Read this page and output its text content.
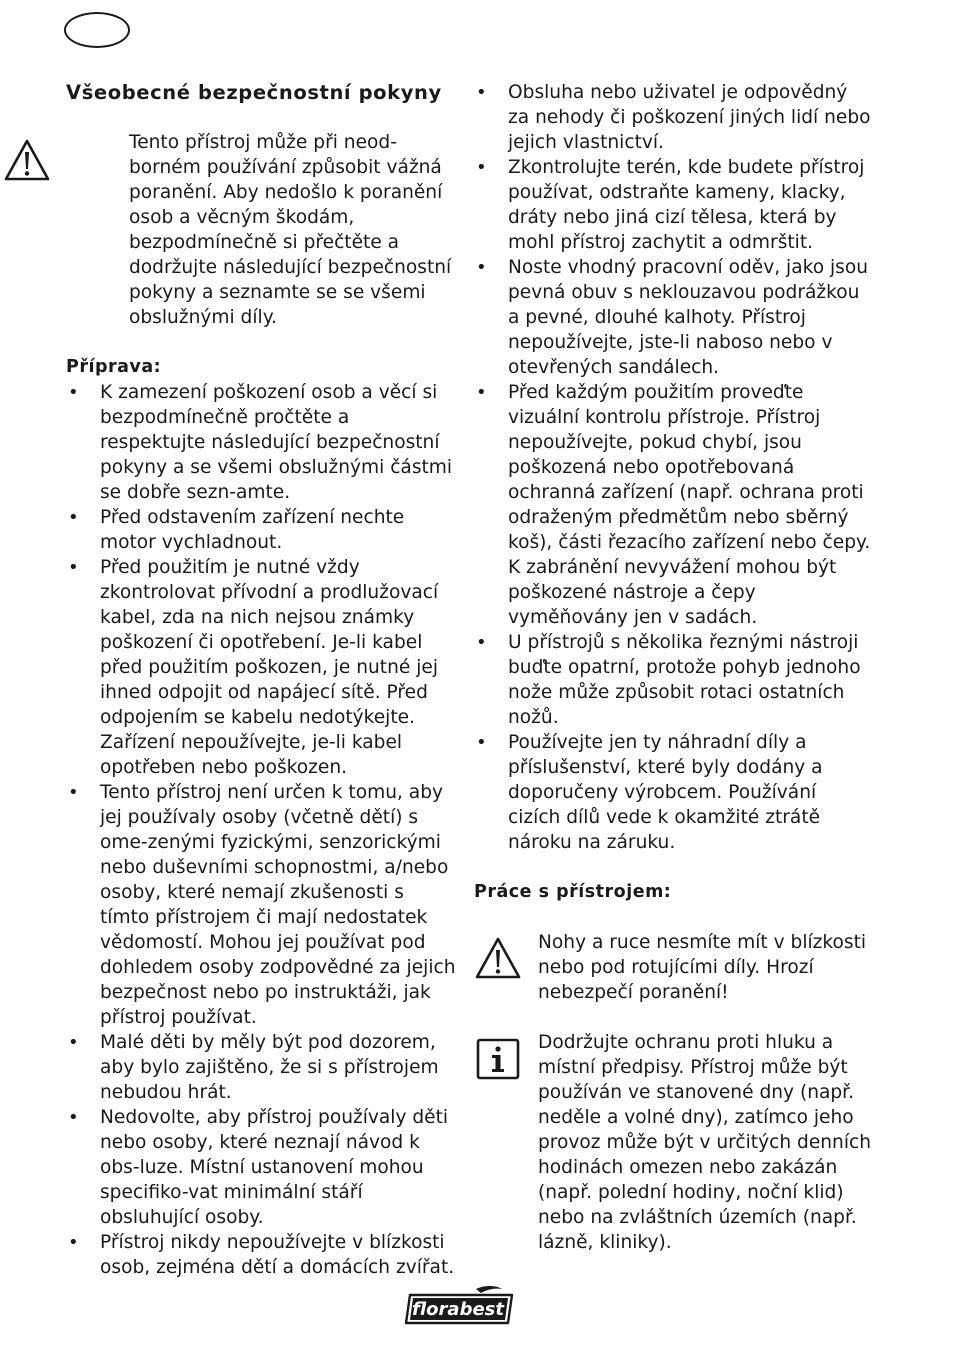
Všeobecné bezpečnostní pokyny

Tento přístroj může při neod-borném používání způsobit vážná poranění. Aby nedošlo k poranění osob a věcným škodám, bezpodmínečně si přečtěte a dodržujte následující bezpečnostní pokyny a seznamte se se všemi obslužnými díly.

Příprava:

• K zamezení poškození osob a věcí si bezpodmínečně pročtěte a respektujte následující bezpečnostní pokyny a se všemi obslužnými částmi se dobře sezn-amte.
• Před odstavením zařízení nechte motor vychladnout.
• Před použitím je nutné vždy zkontrolovat přívodní a prodlužovací kabel, zda na nich nejsou známky poškození či opotřebení. Je-li kabel před použitím poškozen, je nutné jej ihned odpojit od napájecí sítě. Před odpojením se kabelu nedotýkejte. Zařízení nepoužívejte, je-li kabel opotřeben nebo poškozen.
• Tento přístroj není určen k tomu, aby jej používaly osoby (včetně dětí) s ome-zenými fyzickými, senzorickými nebo duševními schopnostmi, a/nebo osoby, které nemají zkušenosti s tímto přístrojem či mají nedostatek vědomostí. Mohou jej používat pod dohledem osoby zodpovědné za jejich bezpečnost nebo po instruktáži, jak přístroj používat.
• Malé děti by měly být pod dozorem, aby bylo zajištěno, že si s přístrojem nebudou hrát.
• Nedovolte, aby přístroj používaly děti nebo osoby, které neznají návod k obs-luze. Místní ustanovení mohou specifiko-vat minimální stáří obsluhující osoby.
• Přístroj nikdy nepoužívejte v blízkosti osob, zejména dětí a domácích zvířat.
• Obsluha nebo uživatel je odpovědný za nehody či poškození jiných lidí nebo jejich vlastnictví.
• Zkontrolujte terén, kde budete přístroj používat, odstraňte kameny, klacky, dráty nebo jiná cizí tělesa, která by mohl přístroj zachytit a odmrštit.
• Noste vhodný pracovní oděv, jako jsou pevná obuv s neklouzavou podrážkou a pevné, dlouhé kalhoty. Přístroj nepoužívejte, jste-li naboso nebo v otevřených sandálech.
• Před každým použitím proveďte vizuální kontrolu přístroje. Přístroj nepoužívejte, pokud chybí, jsou poškozená nebo opotřebovaná ochranná zařízení (např. ochrana proti odraženým předmětům nebo sběrný koš), části řezacího zařízení nebo čepy. K zabránění nevyvážení mohou být poškozené nástroje a čepy vyměňovány jen v sadách.
• U přístrojů s několika řeznými nástroji buďte opatrní, protože pohyb jednoho nože může způsobit rotaci ostatních nožů.
• Používejte jen ty náhradní díly a příslušenství, které byly dodány a doporučeny výrobcem. Používání cizích dílů vede k okamžité ztrátě nároku na záruku.

Práce s přístrojem:

Nohy a ruce nesmíte mít v blízkosti nebo pod rotujícími díly. Hrozí nebezpečí poranění!

Dodržujte ochranu proti hluku a místní předpisy. Přístroj může být používán ve stanovené dny (např. neděle a volné dny), zatímco jeho provoz může být v určitých denních hodinách omezen nebo zakázán (např. polední hodiny, noční klid) nebo na zvláštních územích (např. lázně, kliniky).

florabest
